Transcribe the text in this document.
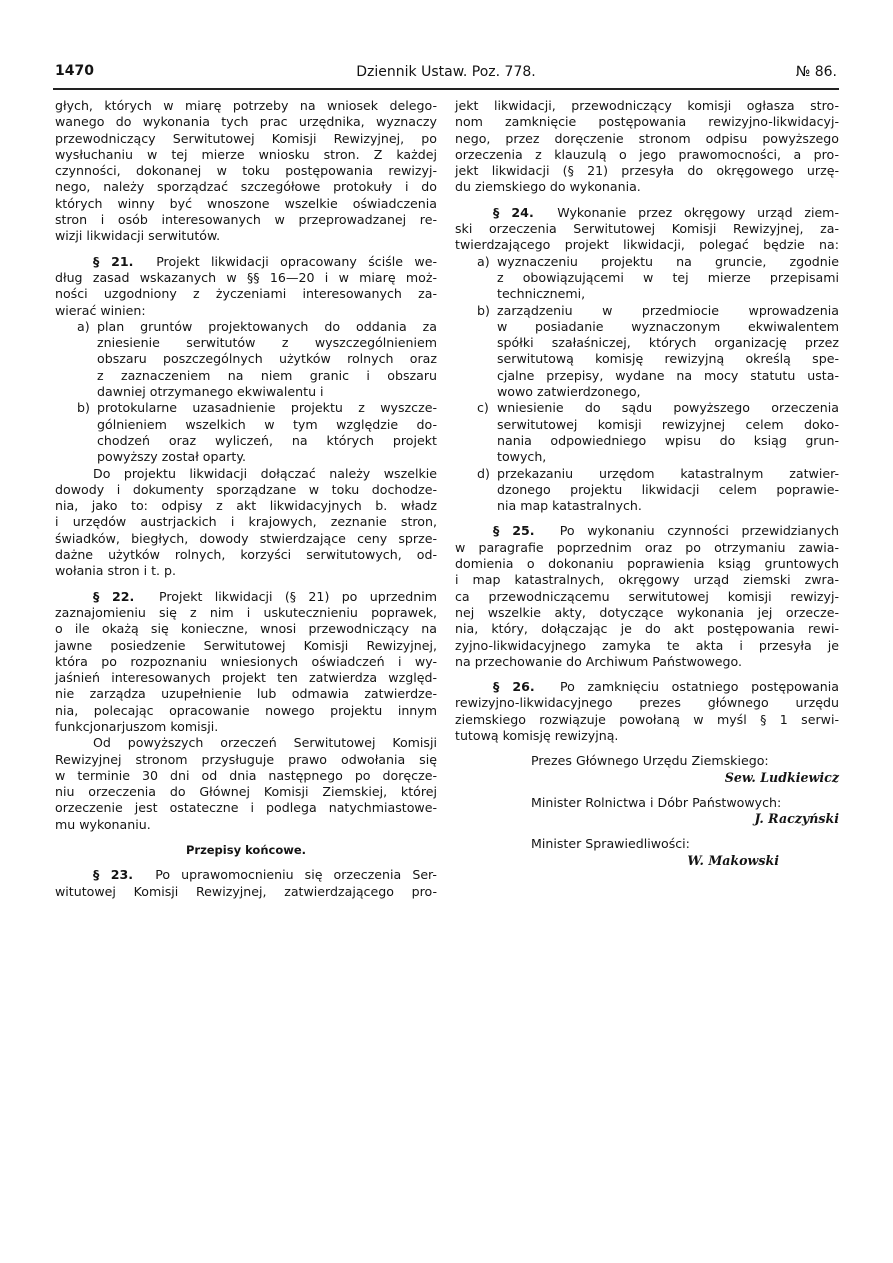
1470	Dziennik Ustaw. Poz. 778.	№ 86.
głych, których w miarę potrzeby na wniosek delego-
wanego do wykonania tych prac urzędnika, wyznaczy
przewodniczący Serwitutowej Komisji Rewizyjnej, po
wysłuchaniu w tej mierze wniosku stron. Z każdej
czynności, dokonanej w toku postępowania rewizyj-
nego, należy sporządzać szczegółowe protokuły i do
których winny być wnoszone wszelkie oświadczenia
stron i osób interesowanych w przeprowadzanej re-
wizji likwidacji serwitutów.
§ 21. Projekt likwidacji opracowany ściśle we-
dług zasad wskazanych w §§ 16—20 i w miarę moż-
ności uzgodniony z życzeniami interesowanych za-
wierać winien:
a) plan gruntów projektowanych do oddania za
zniesienie serwitutów z wyszczególnieniem
obszaru poszczególnych użytków rolnych oraz
z zaznaczeniem na niem granic i obszaru
dawniej otrzymanego ekwiwalentu i
b) protokularne uzasadnienie projektu z wyszcze-
gólnieniem wszelkich w tym względzie do-
chodzeń oraz wyliczeń, na których projekt
powyższy został oparty.
Do projektu likwidacji dołączać należy wszelkie
dowody i dokumenty sporządzane w toku dochodze-
nia, jako to: odpisy z akt likwidacyjnych b. władz
i urzędów austrjackich i krajowych, zeznanie stron,
świadków, biegłych, dowody stwierdzające ceny sprze-
dażne użytków rolnych, korzyści serwitutowych, od-
wołania stron i t. p.
§ 22. Projekt likwidacji (§ 21) po uprzednim
zaznajomieniu się z nim i uskutecznieniu poprawek,
o ile okażą się konieczne, wnosi przewodniczący na
jawne posiedzenie Serwitutowej Komisji Rewizyjnej,
która po rozpoznaniu wniesionych oświadczeń i wy-
jaśnień interesowanych projekt ten zatwierdza względ-
nie zarządza uzupełnienie lub odmawia zatwierdze-
nia, polecając opracowanie nowego projektu innym
funkcjonarjuszom komisji.
Od powyższych orzeczeń Serwitutowej Komisji
Rewizyjnej stronom przysługuje prawo odwołania się
w terminie 30 dni od dnia następnego po doręcze-
niu orzeczenia do Głównej Komisji Ziemskiej, której
orzeczenie jest ostateczne i podlega natychmiastowe-
mu wykonaniu.
Przepisy końcowe.
§ 23. Po uprawomocnieniu się orzeczenia Ser-
witutowej Komisji Rewizyjnej, zatwierdzającego pro-
jekt likwidacji, przewodniczący komisji ogłasza stro-
nom zamknięcie postępowania rewizyjno-likwidacyj-
nego, przez doręczenie stronom odpisu powyższego
orzeczenia z klauzulą o jego prawomocności, a pro-
jekt likwidacji (§ 21) przesyła do okręgowego urzę-
du ziemskiego do wykonania.
§ 24. Wykonanie przez okręgowy urząd ziem-
ski orzeczenia Serwitutowej Komisji Rewizyjnej, za-
twierdzającego projekt likwidacji, polegać będzie na:
a) wyznaczeniu projektu na gruncie, zgodnie
z obowiązującemi w tej mierze przepisami
technicznemi,
b) zarządzeniu w przedmiocie wprowadzenia
w posiadanie wyznaczonym ekwiwalentem
spółki szałaśniczej, których organizację przez
serwitutową komisję rewizyjną określą spe-
cjalne przepisy, wydane na mocy statutu usta-
wowo zatwierdzonego,
c) wniesienie do sądu powyższego orzeczenia
serwitutowej komisji rewizyjnej celem doko-
nania odpowiedniego wpisu do ksiąg grun-
towych,
d) przekazaniu urzędom katastralnym zatwier-
dzonego projektu likwidacji celem poprawie-
nia map katastralnych.
§ 25. Po wykonaniu czynności przewidzianych
w paragrafie poprzednim oraz po otrzymaniu zawia-
domienia o dokonaniu poprawienia ksiąg gruntowych
i map katastralnych, okręgowy urząd ziemski zwra-
ca przewodniczącemu serwitutowej komisji rewizyj-
nej wszelkie akty, dotyczące wykonania jej orzecze-
nia, który, dołączając je do akt postępowania rewi-
zyjno-likwidacyjnego zamyka te akta i przesyła je
na przechowanie do Archiwum Państwowego.
§ 26. Po zamknięciu ostatniego postępowania
rewizyjno-likwidacyjnego prezes głównego urzędu
ziemskiego rozwiązuje powołaną w myśl § 1 serwi-
tutową komisję rewizyjną.
Prezes Głównego Urzędu Ziemskiego:
Sew. Ludkiewicz
Minister Rolnictwa i Dóbr Państwowych:
J. Raczyński
Minister Sprawiedliwości:
W. Makowski
